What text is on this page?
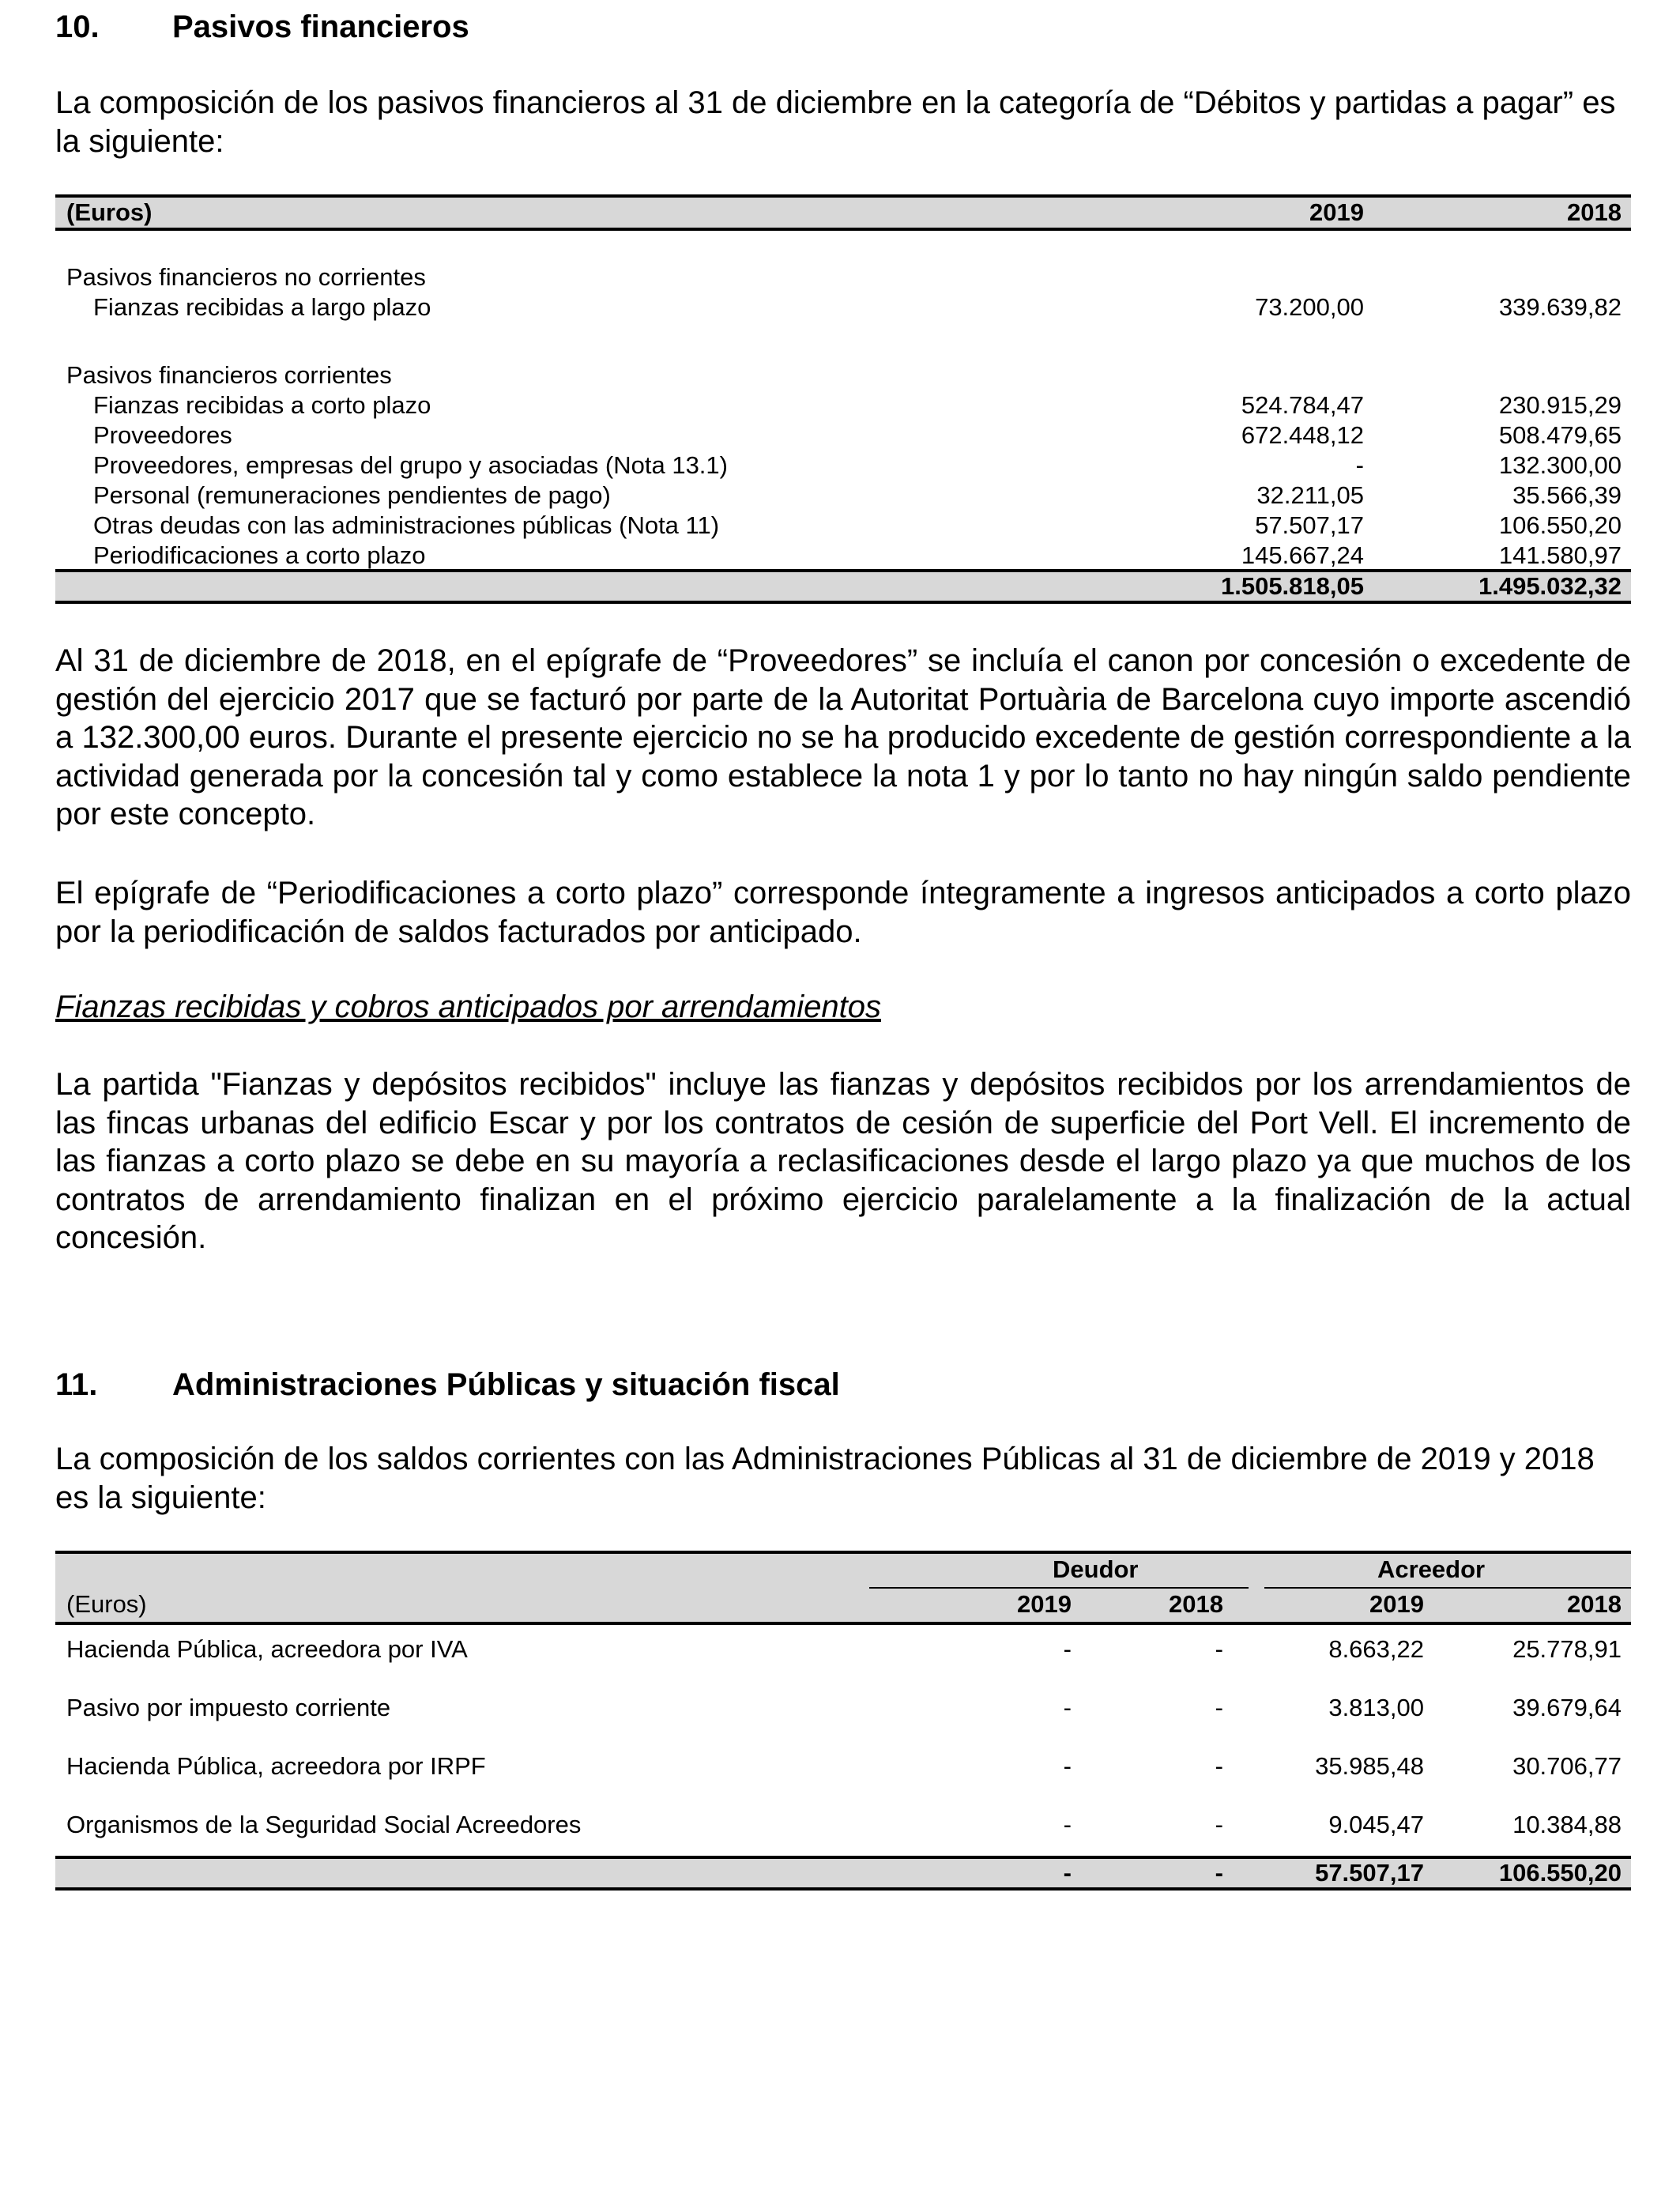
10. Pasivos financieros

La composición de los pasivos financieros al 31 de diciembre en la categoría de “Débitos y partidas a pagar” es la siguiente:

(Euros)	2019	2018
Pasivos financieros no corrientes
Fianzas recibidas a largo plazo	73.200,00	339.639,82
Pasivos financieros corrientes
Fianzas recibidas a corto plazo	524.784,47	230.915,29
Proveedores	672.448,12	508.479,65
Proveedores, empresas del grupo y asociadas (Nota 13.1)	-	132.300,00
Personal (remuneraciones pendientes de pago)	32.211,05	35.566,39
Otras deudas con las administraciones públicas (Nota 11)	57.507,17	106.550,20
Periodificaciones a corto plazo	145.667,24	141.580,97
1.505.818,05	1.495.032,32

Al 31 de diciembre de 2018, en el epígrafe de “Proveedores” se incluía el canon por concesión o excedente de gestión del ejercicio 2017 que se facturó por parte de la Autoritat Portuària de Barcelona cuyo importe ascendió a 132.300,00 euros. Durante el presente ejercicio no se ha producido excedente de gestión correspondiente a la actividad generada por la concesión tal y como establece la nota 1 y por lo tanto no hay ningún saldo pendiente por este concepto.

El epígrafe de “Periodificaciones a corto plazo” corresponde íntegramente a ingresos anticipados a corto plazo por la periodificación de saldos facturados por anticipado.

Fianzas recibidas y cobros anticipados por arrendamientos

La partida "Fianzas y depósitos recibidos" incluye las fianzas y depósitos recibidos por los arrendamientos de las fincas urbanas del edificio Escar y por los contratos de cesión de superficie del Port Vell. El incremento de las fianzas a corto plazo se debe en su mayoría a reclasificaciones desde el largo plazo ya que muchos de los contratos de arrendamiento finalizan en el próximo ejercicio paralelamente a la finalización de la actual concesión.

11. Administraciones Públicas y situación fiscal

La composición de los saldos corrientes con las Administraciones Públicas al 31 de diciembre de 2019 y 2018 es la siguiente:

Deudor	Acreedor
(Euros)	2019	2018	2019	2018
Hacienda Pública, acreedora por IVA	-	-	8.663,22	25.778,91
Pasivo por impuesto corriente	-	-	3.813,00	39.679,64
Hacienda Pública, acreedora por IRPF	-	-	35.985,48	30.706,77
Organismos de la Seguridad Social Acreedores	-	-	9.045,47	10.384,88
-	-	57.507,17	106.550,20
